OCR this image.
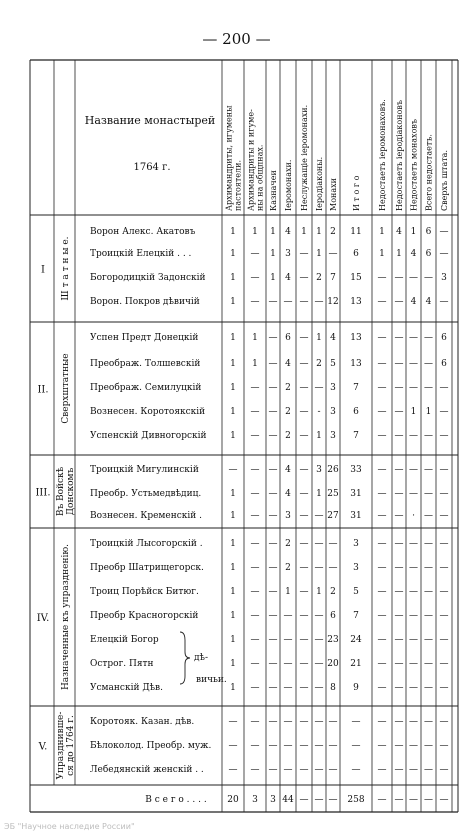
— 200 —
Название монастырей
1764 г.	Архимандриты, игумены пастоятели. Архимандриты и игуме- ны на общпнах. Казначеи Іеромонахи. Неслужащіе іеромонахи. Іеродіаконы. Монахи И т о г о Недостаетъ іеромонаховъ. Недостаетъ іеродіаконовъ Недостаетъ монаховъ Всего недостаетъ. Сверхъ штата.
I Ш т а т н ы е.
II. Сверхштатные
III. Въ Войскѣ Донскомъ
IV. Назначенные къ упраздненію.
V. Упразднивше- ся до 1764 г.
Ворон Алекс. Акатовъ	1 1 1 4 1 1 2 11 1 4 1 6 —
Троицкій Елецкій . . .	1 — 1 3 — 1 — 6 1 1 4 6 —
Богородицкій Задонскій	1 — 1 4 — 2 7 15 — — — — 3
Ворон. Покров дѣвичій	1 — — — — — 12 13 — — 4 4 —
Успен Предт Донецкій	1 1 — 6 — 1 4 13 — — — — 6
Преображ. Толшевскій	1 1 — 4 — 2 5 13 — — — — 6
Преображ. Семилуцкій	1 — — 2 — — 3 7 — — — — —
Вознесен. Коротоякскій	1 — — 2 — - 3 6 — — 1 1 —
Успенскій Дивногорскій	1 — — 2 — 1 3 7 — — — — —
Троицкій Мигулинскій	— — — 4 — 3 26 33 — — — — —
Преобр. Устьмедвѣдиц.	1 — — 4 — 1 25 31 — — — — —
Вознесен. Кременскій .	1 — — 3 — — 27 31 — — · — —
Троицкій Лысогорскій .	1 — — 2 — — — 3 — — — — —
Преобр Шатрищегорск.	1 — — 2 — — — 3 — — — — —
Троиц Порѣйск Битюг.	1 — — 1 — 1 2 5 — — — — —
Преобр Красногорскій	1 — — — — — 6 7 — — — — —
Елецкій Богор	1 — — — — — 23 24 — — — — —
Острог. Пятн	1 — — — — — 20 21 — — — — —
Усманскій Дѣв.	1 — — — — — 8 9 — — — — —
Коротояк. Казан. дѣв.	— — — — — — — — — — — — —
Бѣлоколод. Преобр. муж. — — — — — — — — — — — — —
Лебедянскій женскій . .	— — — — — — — — — — — — —
дѣ-
вичьи.
В с е г о . . . . 20 3 3 44 — — — 258 — — — — —
ЭБ "Научное наследие России"
